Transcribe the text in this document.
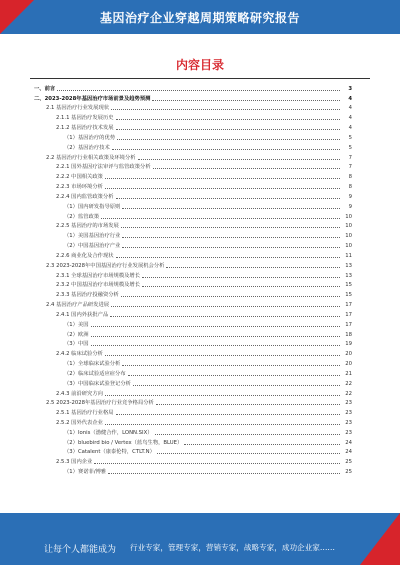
基因治疗企业穿越周期策略研究报告
内容目录
一、前言	3
二、2023-2028年基因治疗市场前景及趋势预测	4
2.1 基因治疗行业发展现状	4
2.1.1 基因治疗发展历史	4
2.1.2 基因治疗技术发展	4
（1）基因治疗的优势	5
（2）基因治疗技术	5
2.2 基因治疗行业相关政策及环境分析	7
2.2.1 国外基因疗法审评与监管政策分析	7
2.2.2 中国相关政策	8
2.2.3 市场环境分析	8
2.2.4 国内监管政策分析	9
（1）国内研发指导原则	9
（2）监管政策	10
2.2.5 基因治疗的市场发展	10
（1）美国基因治疗行业	10
（2）中国基因治疗产业	10
2.2.6 商业化及合作现状	11
2.3 2023-2028年中国基因治疗行业发展机会分析	13
2.3.1 全球基因治疗市场规模及增长	13
2.3.2 中国基因治疗市场规模及增长	15
2.3.3 基因治疗投融资分析	15
2.4 基因治疗产品研发进展	17
2.4.1 国内外获批产品	17
（1）美国	17
（2）欧洲	18
（3）中国	19
2.4.2 临床试验分析	20
（1）全球临床试验分析	20
（2）临床试验适应症分布	21
（3）中国临床试验登记分析	22
2.4.3 前沿研究方向	22
2.5 2023-2028年基因治疗行业竞争格局分析	23
2.5.1 基因治疗行业格局	23
2.5.2 国外代表企业	23
（1）Ionis（渤健合作，LONN.SIX）	23
（2）bluebird bio / Vertex（蓝鸟生物，BLUE）	24
（3）Catalent（康泰伦特，CTLT.N）	24
2.5.3 国内企业	25
（1）赛诺菲/博雅	25
让每个人都能成为 行业专家，管理专家，营销专家，战略专家，成功企业家……
